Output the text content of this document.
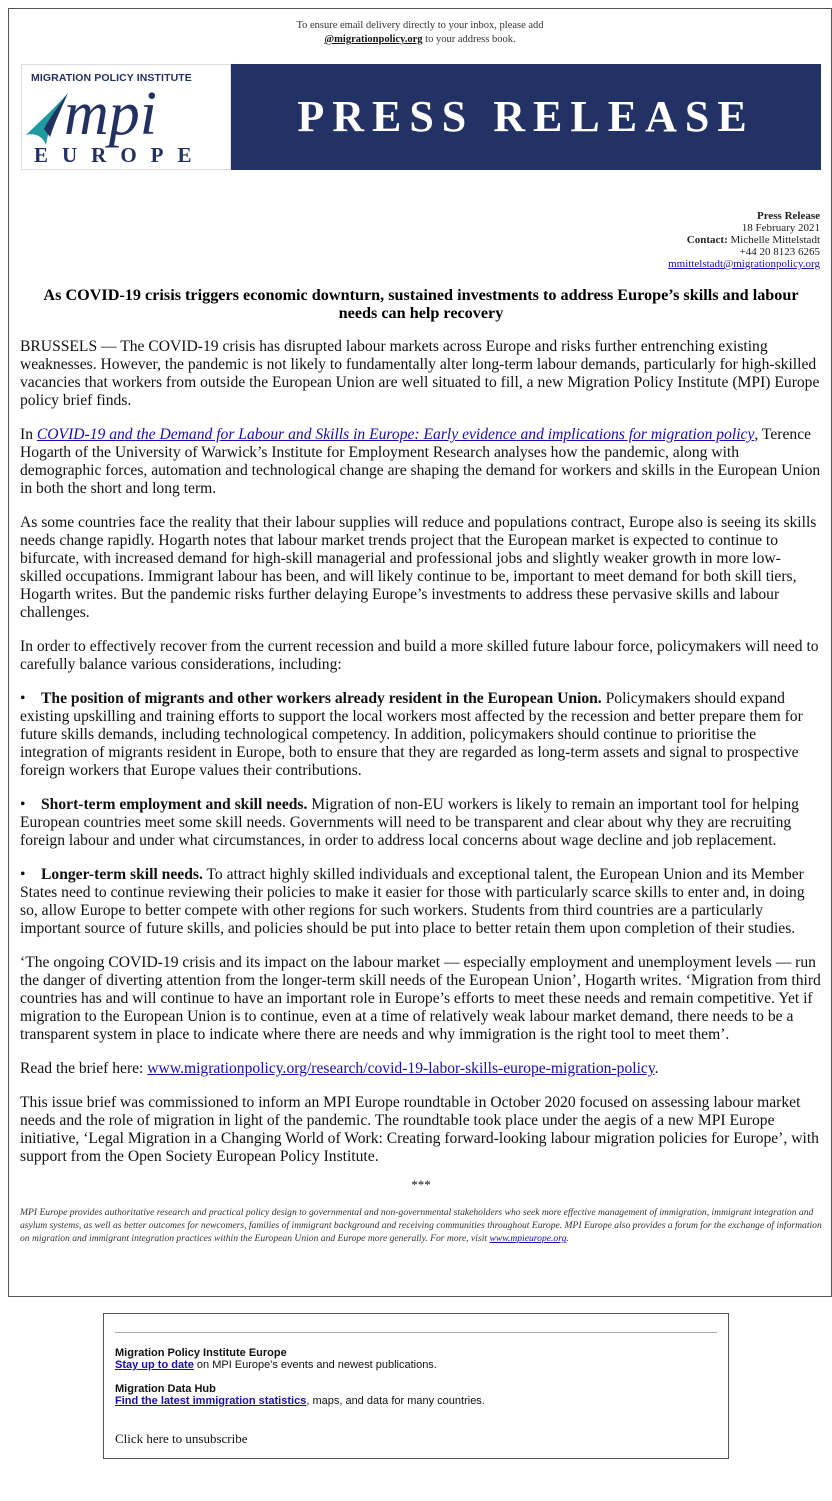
To ensure email delivery directly to your inbox, please add
@migrationpolicy.org to your address book.
MIGRATION POLICY INSTITUTE
mpi
EUROPE
PRESS RELEASE
Press Release
18 February 2021
Contact: Michelle Mittelstadt
+44 20 8123 6265
mmittelstadt@migrationpolicy.org
As COVID-19 crisis triggers economic downturn, sustained investments to address Europe’s skills and labour needs can help recovery

BRUSSELS — The COVID-19 crisis has disrupted labour markets across Europe and risks further entrenching existing weaknesses. However, the pandemic is not likely to fundamentally alter long-term labour demands, particularly for high-skilled vacancies that workers from outside the European Union are well situated to fill, a new Migration Policy Institute (MPI) Europe policy brief finds.

In COVID-19 and the Demand for Labour and Skills in Europe: Early evidence and implications for migration policy, Terence Hogarth of the University of Warwick’s Institute for Employment Research analyses how the pandemic, along with demographic forces, automation and technological change are shaping the demand for workers and skills in the European Union in both the short and long term.

As some countries face the reality that their labour supplies will reduce and populations contract, Europe also is seeing its skills needs change rapidly. Hogarth notes that labour market trends project that the European market is expected to continue to bifurcate, with increased demand for high-skill managerial and professional jobs and slightly weaker growth in more low-skilled occupations. Immigrant labour has been, and will likely continue to be, important to meet demand for both skill tiers, Hogarth writes. But the pandemic risks further delaying Europe’s investments to address these pervasive skills and labour challenges.

In order to effectively recover from the current recession and build a more skilled future labour force, policymakers will need to carefully balance various considerations, including:

• The position of migrants and other workers already resident in the European Union. Policymakers should expand existing upskilling and training efforts to support the local workers most affected by the recession and better prepare them for future skills demands, including technological competency. In addition, policymakers should continue to prioritise the integration of migrants resident in Europe, both to ensure that they are regarded as long-term assets and signal to prospective foreign workers that Europe values their contributions.

• Short-term employment and skill needs. Migration of non-EU workers is likely to remain an important tool for helping European countries meet some skill needs. Governments will need to be transparent and clear about why they are recruiting foreign labour and under what circumstances, in order to address local concerns about wage decline and job replacement.

• Longer-term skill needs. To attract highly skilled individuals and exceptional talent, the European Union and its Member States need to continue reviewing their policies to make it easier for those with particularly scarce skills to enter and, in doing so, allow Europe to better compete with other regions for such workers. Students from third countries are a particularly important source of future skills, and policies should be put into place to better retain them upon completion of their studies.

‘The ongoing COVID-19 crisis and its impact on the labour market — especially employment and unemployment levels — run the danger of diverting attention from the longer-term skill needs of the European Union’, Hogarth writes. ‘Migration from third countries has and will continue to have an important role in Europe’s efforts to meet these needs and remain competitive. Yet if migration to the European Union is to continue, even at a time of relatively weak labour market demand, there needs to be a transparent system in place to indicate where there are needs and why immigration is the right tool to meet them’.

Read the brief here: www.migrationpolicy.org/research/covid-19-labor-skills-europe-migration-policy.

This issue brief was commissioned to inform an MPI Europe roundtable in October 2020 focused on assessing labour market needs and the role of migration in light of the pandemic. The roundtable took place under the aegis of a new MPI Europe initiative, ‘Legal Migration in a Changing World of Work: Creating forward-looking labour migration policies for Europe’, with support from the Open Society European Policy Institute.

***
MPI Europe provides authoritative research and practical policy design to governmental and non-governmental stakeholders who seek more effective management of immigration, immigrant integration and asylum systems, as well as better outcomes for newcomers, families of immigrant background and receiving communities throughout Europe. MPI Europe also provides a forum for the exchange of information on migration and immigrant integration practices within the European Union and Europe more generally. For more, visit www.mpieurope.org.
Migration Policy Institute Europe
Stay up to date on MPI Europe's events and newest publications.
Migration Data Hub
Find the latest immigration statistics, maps, and data for many countries.
Click here to unsubscribe
